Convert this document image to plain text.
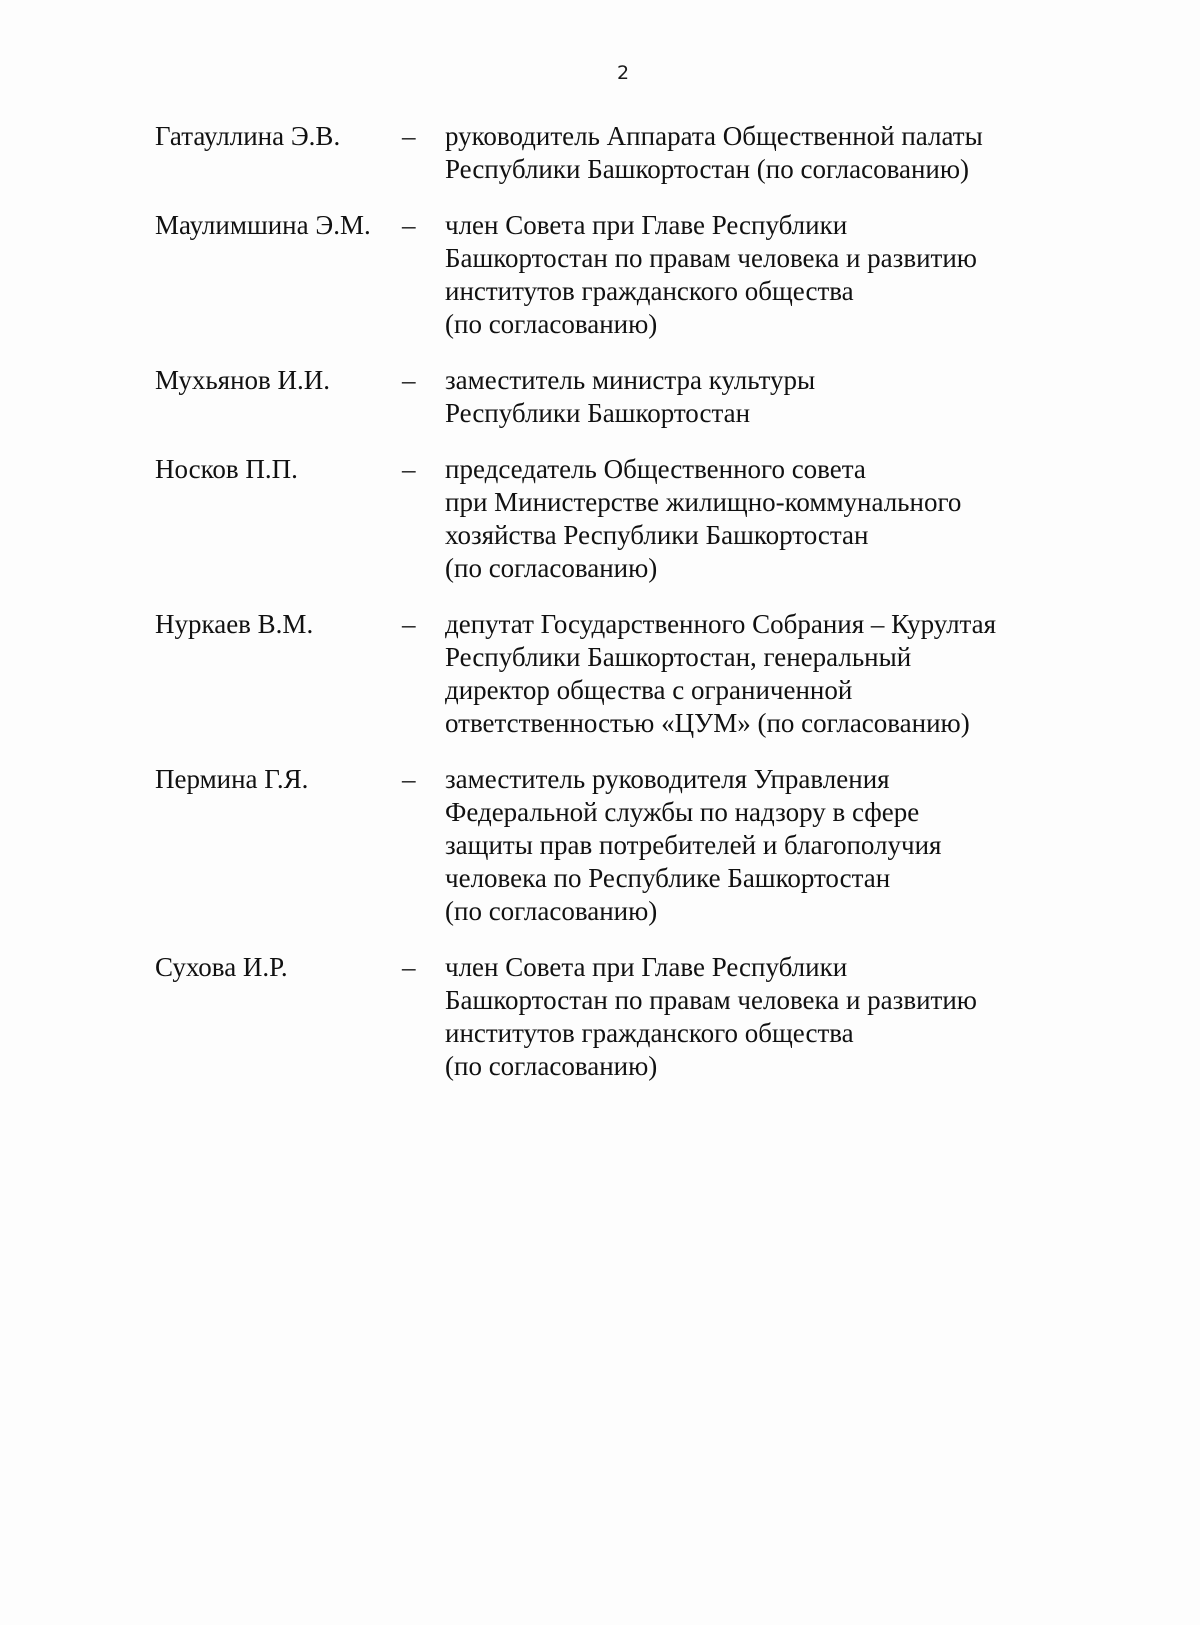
2
Гатауллина Э.В.	–	руководитель Аппарата Общественной палаты
Республики Башкортостан (по согласованию)
Маулимшина Э.М.	–	член Совета при Главе Республики
Башкортостан по правам человека и развитию
институтов гражданского общества
(по согласованию)
Мухьянов И.И.	–	заместитель министра культуры
Республики Башкортостан
Носков П.П.	–	председатель Общественного совета
при Министерстве жилищно-коммунального
хозяйства Республики Башкортостан
(по согласованию)
Нуркаев В.М.	–	депутат Государственного Собрания – Курултая
Республики Башкортостан, генеральный
директор общества с ограниченной
ответственностью «ЦУМ» (по согласованию)
Пермина Г.Я.	–	заместитель руководителя Управления
Федеральной службы по надзору в сфере
защиты прав потребителей и благополучия
человека по Республике Башкортостан
(по согласованию)
Сухова И.Р.	–	член Совета при Главе Республики
Башкортостан по правам человека и развитию
институтов гражданского общества
(по согласованию)
